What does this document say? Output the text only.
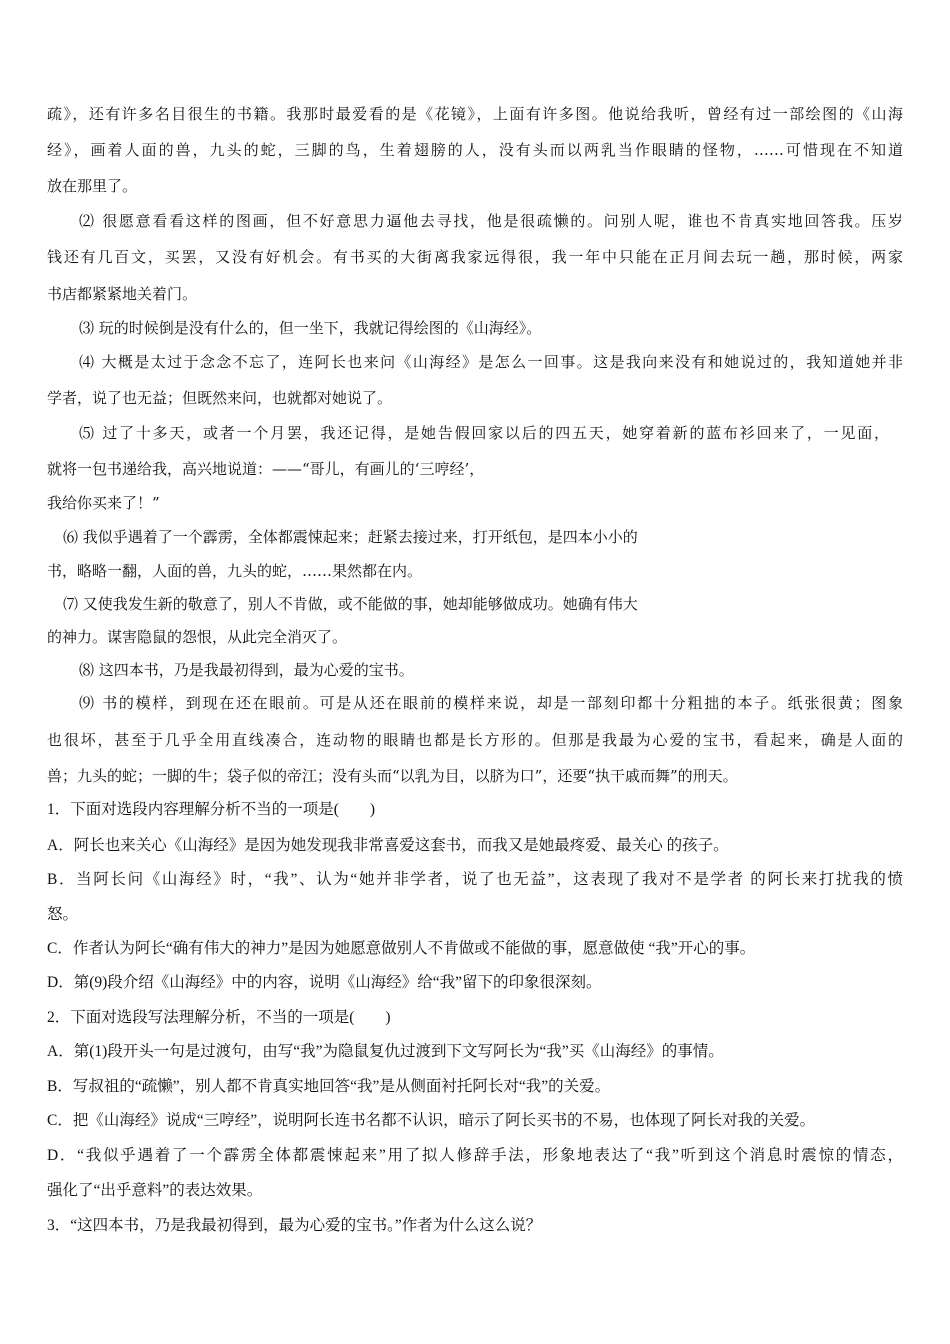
疏》，还有许多名目很生的书籍。我那时最爱看的是《花镜》，上面有许多图。他说给我听，曾经有过一部绘图的《山海
经》，画着人面的兽，九头的蛇，三脚的鸟，生着翅膀的人，没有头而以两乳当作眼睛的怪物，……可惜现在不知道
放在那里了。
⑵ 很愿意看看这样的图画，但不好意思力逼他去寻找，他是很疏懒的。问别人呢，谁也不肯真实地回答我。压岁
钱还有几百文，买罢，又没有好机会。有书买的大街离我家远得很，我一年中只能在正月间去玩一趟，那时候，两家
书店都紧紧地关着门。
⑶ 玩的时候倒是没有什么的，但一坐下，我就记得绘图的《山海经》。
⑷ 大概是太过于念念不忘了，连阿长也来问《山海经》是怎么一回事。这是我向来没有和她说过的，我知道她并非
学者，说了也无益；但既然来问，也就都对她说了。
⑸ 过了十多天，或者一个月罢，我还记得，是她告假回家以后的四五天，她穿着新的蓝布衫回来了，一见面，
就将一包书递给我，高兴地说道：——“哥儿，有画儿的‘三哼经’，
我给你买来了！”
⑹ 我似乎遇着了一个霹雳，全体都震悚起来；赶紧去接过来，打开纸包，是四本小小的
书，略略一翻，人面的兽，九头的蛇，……果然都在内。
⑺ 又使我发生新的敬意了，别人不肯做，或不能做的事，她却能够做成功。她确有伟大
的神力。谋害隐鼠的怨恨，从此完全消灭了。
⑻ 这四本书，乃是我最初得到，最为心爱的宝书。
⑼ 书的模样，到现在还在眼前。可是从还在眼前的模样来说，却是一部刻印都十分粗拙的本子。纸张很黄；图象
也很坏，甚至于几乎全用直线凑合，连动物的眼睛也都是长方形的。但那是我最为心爱的宝书，看起来，确是人面的
兽；九头的蛇；一脚的牛；袋子似的帝江；没有头而“以乳为目，以脐为口”，还要“执干戚而舞”的刑天。
1．下面对选段内容理解分析不当的一项是(　　)
A．阿长也来关心《山海经》是因为她发现我非常喜爱这套书，而我又是她最疼爱、最关心 的孩子。
B．当阿长问《山海经》时，“我”、认为“她并非学者，说了也无益”，这表现了我对不是学者 的阿长来打扰我的愤
怒。
C．作者认为阿长“确有伟大的神力”是因为她愿意做别人不肯做或不能做的事，愿意做使 “我”开心的事。
D．第(9)段介绍《山海经》中的内容，说明《山海经》给“我”留下的印象很深刻。
2．下面对选段写法理解分析，不当的一项是(　　)
A．第(1)段开头一句是过渡句，由写“我”为隐鼠复仇过渡到下文写阿长为“我”买《山海经》的事情。
B．写叔祖的“疏懒”，别人都不肯真实地回答“我”是从侧面衬托阿长对“我”的关爱。
C．把《山海经》说成“三哼经”，说明阿长连书名都不认识，暗示了阿长买书的不易，也体现了阿长对我的关爱。
D．“我似乎遇着了一个霹雳全体都震悚起来”用了拟人修辞手法，形象地表达了“我”听到这个消息时震惊的情态，
强化了“出乎意料”的表达效果。
3．“这四本书，乃是我最初得到，最为心爱的宝书。”作者为什么这么说？
